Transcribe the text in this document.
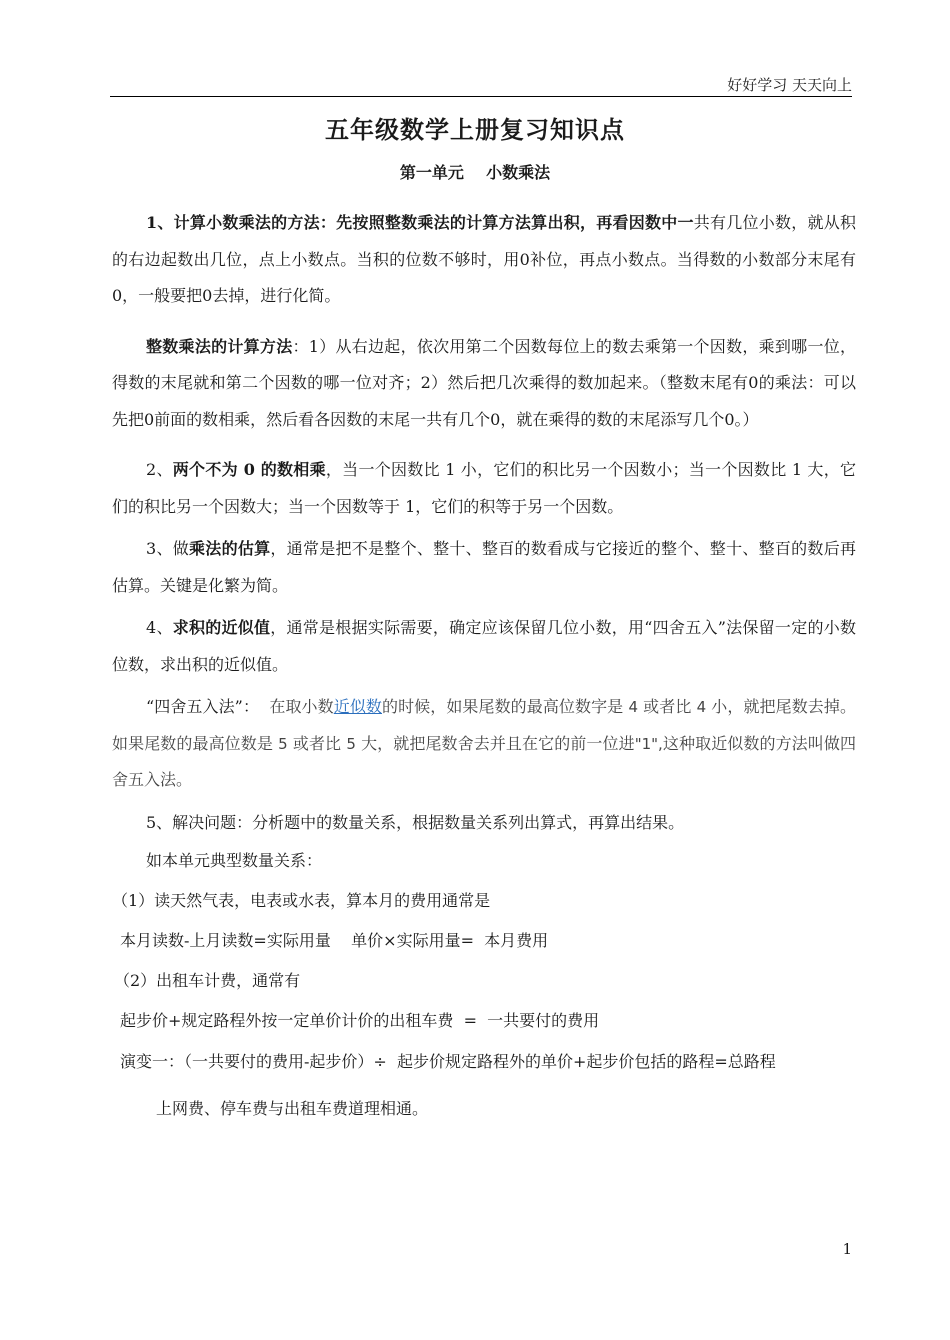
好好学习 天天向上
五年级数学上册复习知识点
第一单元    小数乘法

1、计算小数乘法的方法：先按照整数乘法的计算方法算出积，再看因数中一共有几位小数，就从积的右边起数出几位，点上小数点。当积的位数不够时，用0补位，再点小数点。当得数的小数部分末尾有0，一般要把0去掉，进行化简。

整数乘法的计算方法：1）从右边起，依次用第二个因数每位上的数去乘第一个因数，乘到哪一位，得数的末尾就和第二个因数的哪一位对齐；2）然后把几次乘得的数加起来。（整数末尾有0的乘法：可以先把0前面的数相乘，然后看各因数的末尾一共有几个0，就在乘得的数的末尾添写几个0。）

2、两个不为 0 的数相乘，当一个因数比 1 小，它们的积比另一个因数小；当一个因数比 1 大，它们的积比另一个因数大；当一个因数等于 1，它们的积等于另一个因数。

3、做乘法的估算，通常是把不是整个、整十、整百的数看成与它接近的整个、整十、整百的数后再估算。关键是化繁为简。

4、求积的近似值，通常是根据实际需要，确定应该保留几位小数，用“四舍五入”法保留一定的小数位数，求出积的近似值。

“四舍五入法”： 在取小数近似数的时候，如果尾数的最高位数字是 4 或者比 4 小，就把尾数去掉。如果尾数的最高位数是 5 或者比 5 大，就把尾数舍去并且在它的前一位进"1",这种取近似数的方法叫做四舍五入法。

5、解决问题：分析题中的数量关系，根据数量关系列出算式，再算出结果。

如本单元典型数量关系：

（1）读天然气表，电表或水表，算本月的费用通常是

本月读数-上月读数=实际用量    单价×实际用量=  本月费用

（2）出租车计费，通常有

起步价+规定路程外按一定单价计价的出租车费  =  一共要付的费用

演变一：（一共要付的费用-起步价）÷  起步价规定路程外的单价+起步价包括的路程=总路程

上网费、停车费与出租车费道理相通。

1
